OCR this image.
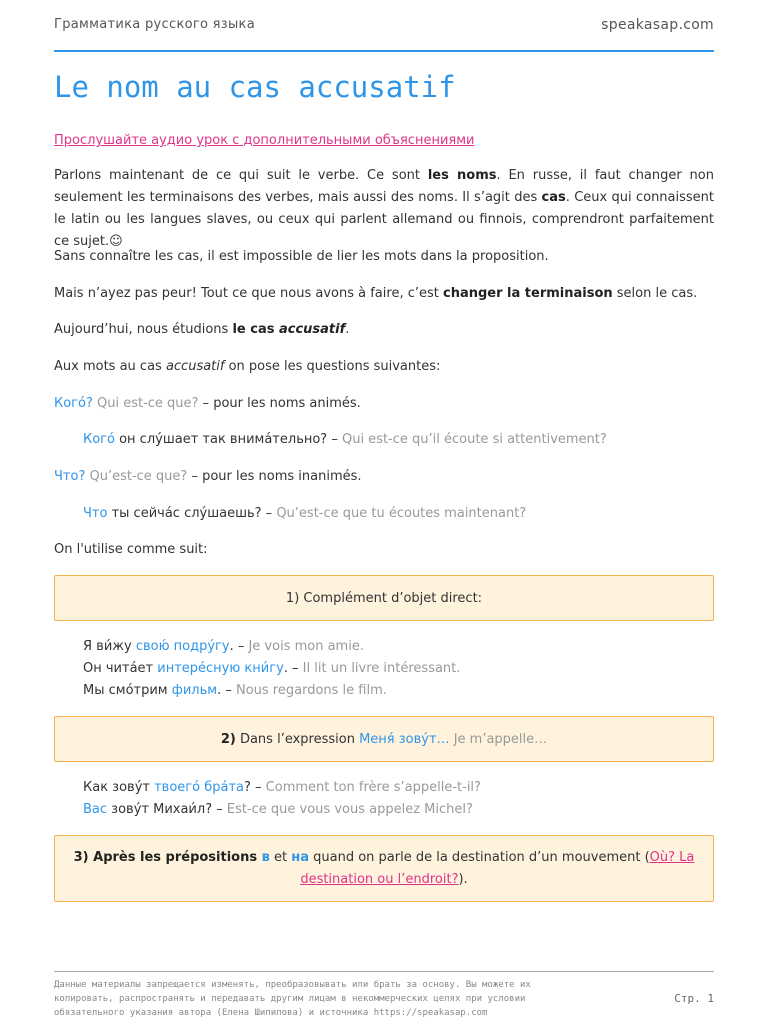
Грамматика русского языка	speakasap.com
Le nom au cas accusatif

Прослушайте аудио урок с дополнительными объяснениями

Parlons maintenant de ce qui suit le verbe. Ce sont les noms. En russe, il faut changer non seulement les terminaisons des verbes, mais aussi des noms. Il s’agit des cas. Ceux qui connaissent le latin ou les langues slaves, ou ceux qui parlent allemand ou finnois, comprendront parfaitement ce sujet.☺

Sans connaître les cas, il est impossible de lier les mots dans la proposition.

Mais n’ayez pas peur! Tout ce que nous avons à faire, c’est changer la terminaison selon le cas.

Aujourd’hui, nous étudions le cas accusatif.

Aux mots au cas accusatif on pose les questions suivantes:

Кого́? Qui est-ce que? – pour les noms animés.

Кого́ он слу́шает так внима́тельно? – Qui est-ce qu’il écoute si attentivement?

Что? Qu’est-ce que? – pour les noms inanimés.

Что ты сейча́с слу́шаешь? – Qu’est-ce que tu écoutes maintenant?

On l'utilise comme suit:

1) Complément d’objet direct:

Я ви́жу свою́ подру́гу. – Je vois mon amie.

Он чита́ет интере́сную кни́гу. – Il lit un livre intéressant.

Мы смо́трим фильм. – Nous regardons le film.

2) Dans l’expression Меня́ зову́т… Je m’appelle…

Как зову́т твоего́ бра́та? – Comment ton frère s’appelle-t-il?

Вас зову́т Михаи́л? – Est-ce que vous vous appelez Michel?

3) Après les prépositions в et на quand on parle de la destination d’un mouvement (Où? La
destination ou l’endroit?).
Данные материалы запрещается изменять, преобразовывать или брать за основу. Вы можете их
копировать, распространять и передавать другим лицам в некоммерческих целях при условии
обязательного указания автора (Елена Шипилова) и источника https://speakasap.com
Стр. 1
